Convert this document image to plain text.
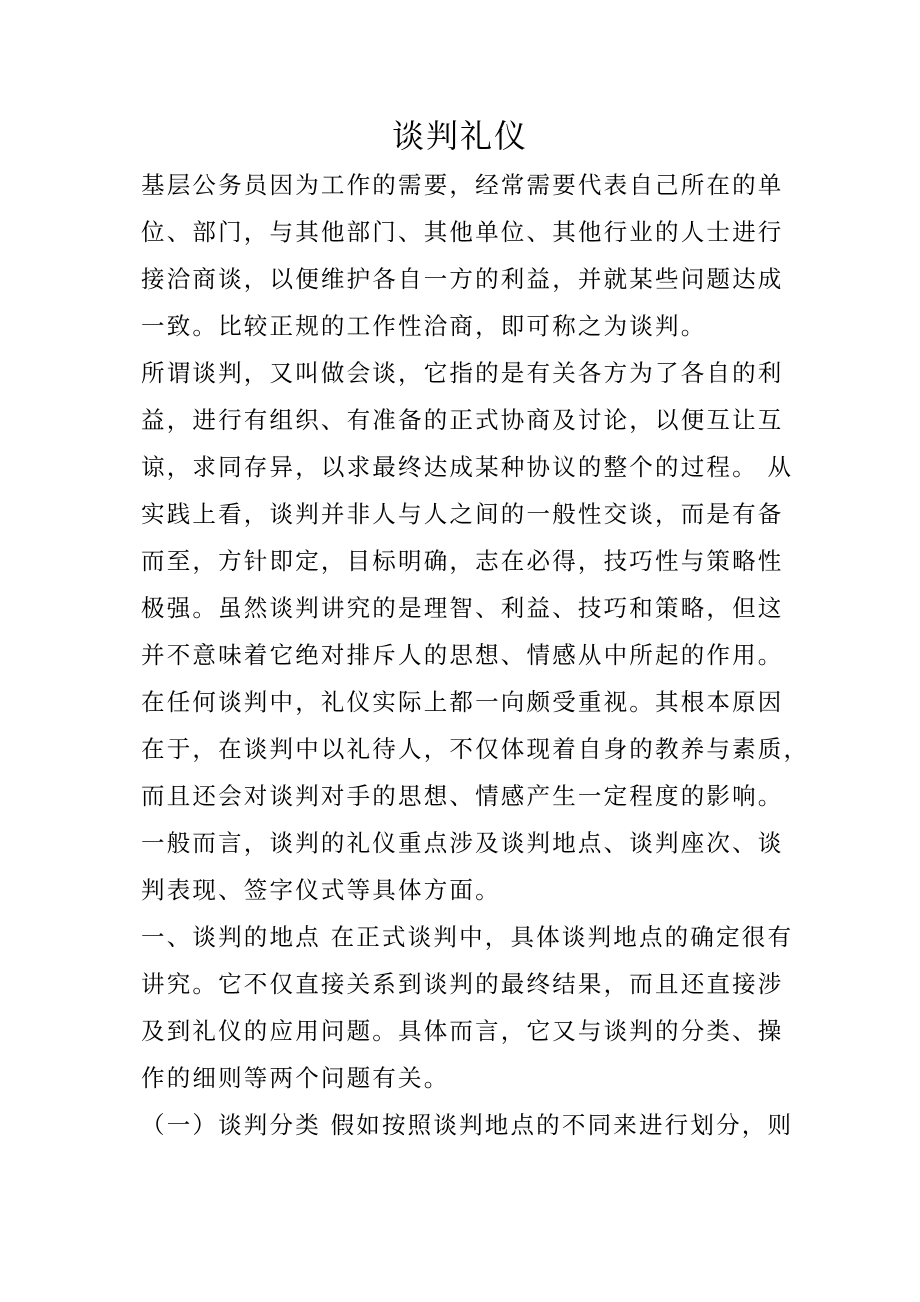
谈判礼仪
基层公务员因为工作的需要，经常需要代表自己所在的单
位、部门，与其他部门、其他单位、其他行业的人士进行
接洽商谈，以便维护各自一方的利益，并就某些问题达成
一致。比较正规的工作性洽商，即可称之为谈判。
所谓谈判，又叫做会谈，它指的是有关各方为了各自的利
益，进行有组织、有准备的正式协商及讨论，以便互让互
谅，求同存异，以求最终达成某种协议的整个的过程。 从
实践上看，谈判并非人与人之间的一般性交谈，而是有备
而至，方针即定，目标明确，志在必得，技巧性与策略性
极强。虽然谈判讲究的是理智、利益、技巧和策略，但这
并不意味着它绝对排斥人的思想、情感从中所起的作用。
在任何谈判中，礼仪实际上都一向颇受重视。其根本原因
在于，在谈判中以礼待人，不仅体现着自身的教养与素质，
而且还会对谈判对手的思想、情感产生一定程度的影响。
一般而言，谈判的礼仪重点涉及谈判地点、谈判座次、谈
判表现、签字仪式等具体方面。
一、谈判的地点 在正式谈判中，具体谈判地点的确定很有
讲究。它不仅直接关系到谈判的最终结果，而且还直接涉
及到礼仪的应用问题。具体而言，它又与谈判的分类、操
作的细则等两个问题有关。
（一）谈判分类 假如按照谈判地点的不同来进行划分，则
